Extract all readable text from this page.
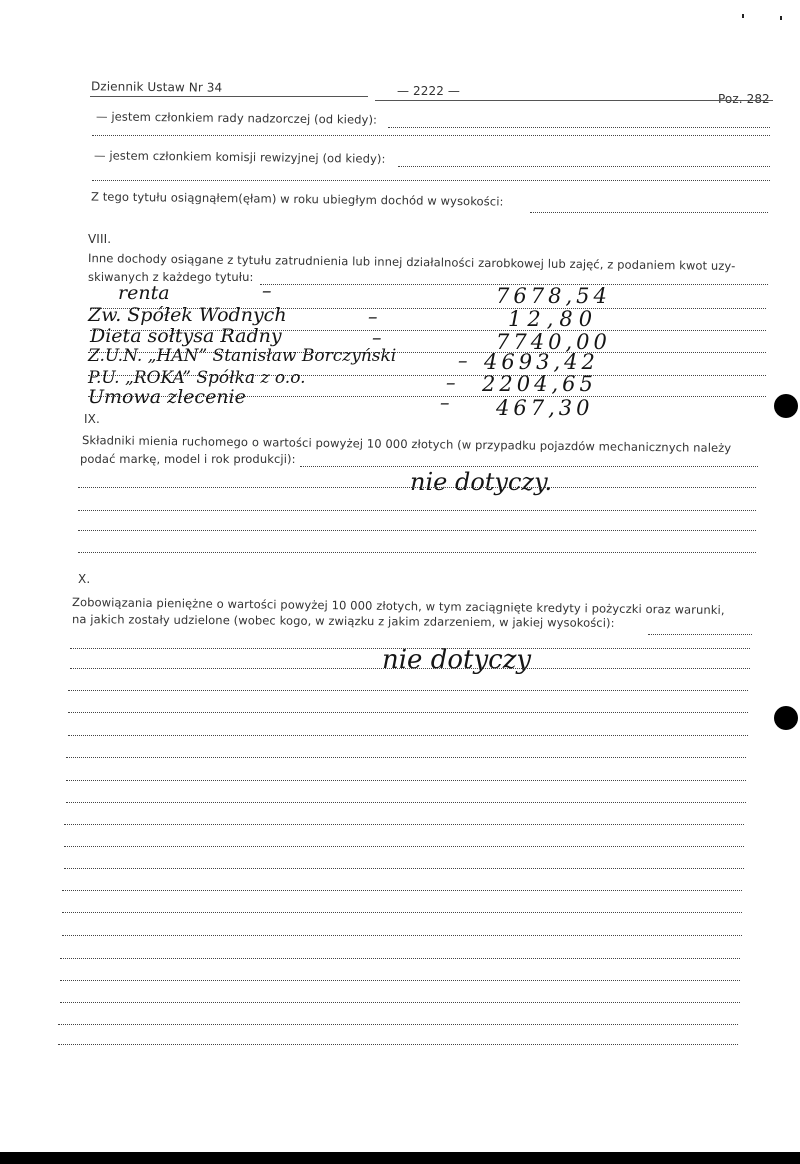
Dziennik Ustaw Nr 34	— 2222 —
Poz. 282
— jestem członkiem rady nadzorczej (od kiedy):
— jestem członkiem komisji rewizyjnej (od kiedy):
Z tego tytułu osiągnąłem(ęłam) w roku ubiegłym dochód w wysokości:
VIII.
Inne dochody osiągane z tytułu zatrudnienia lub innej działalności zarobkowej lub zajęć, z podaniem kwot uzy-
skiwanych z każdego tytułu:
renta	–	7678,54
Zw. Spółek Wodnych	–	12,80
Dieta sołtysa Radny	–	7740,00
Z.U.N. „HAN” Stanisław Borczyński	– 4693,42
P.U. „ROKA” Spółka z o.o.	– 2204,65
Umowa zlecenie	– 467,30
IX.
Składniki mienia ruchomego o wartości powyżej 10 000 złotych (w przypadku pojazdów mechanicznych należy
podać markę, model i rok produkcji):
nie dotyczy.
X.
Zobowiązania pieniężne o wartości powyżej 10 000 złotych, w tym zaciągnięte kredyty i pożyczki oraz warunki,
na jakich zostały udzielone (wobec kogo, w związku z jakim zdarzeniem, w jakiej wysokości):
nie dotyczy
